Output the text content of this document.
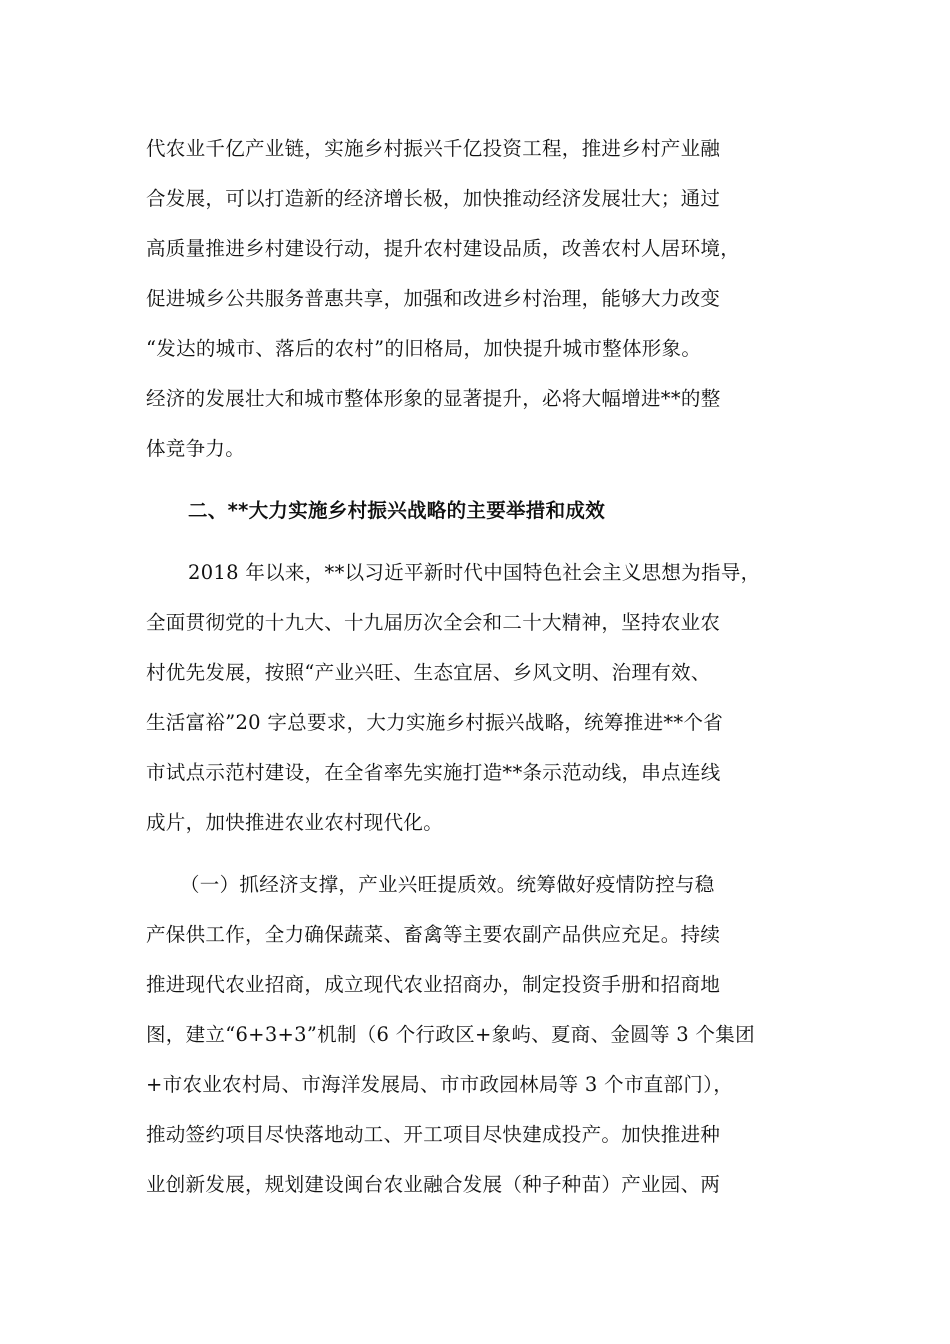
代农业千亿产业链，实施乡村振兴千亿投资工程，推进乡村产业融
合发展，可以打造新的经济增长极，加快推动经济发展壮大；通过
高质量推进乡村建设行动，提升农村建设品质，改善农村人居环境，
促进城乡公共服务普惠共享，加强和改进乡村治理，能够大力改变
“发达的城市、落后的农村”的旧格局，加快提升城市整体形象。
经济的发展壮大和城市整体形象的显著提升，必将大幅增进**的整
体竞争力。
二、**大力实施乡村振兴战略的主要举措和成效
2018 年以来，**以习近平新时代中国特色社会主义思想为指导，
全面贯彻党的十九大、十九届历次全会和二十大精神，坚持农业农
村优先发展，按照“产业兴旺、生态宜居、乡风文明、治理有效、
生活富裕”20 字总要求，大力实施乡村振兴战略，统筹推进**个省
市试点示范村建设，在全省率先实施打造**条示范动线，串点连线
成片，加快推进农业农村现代化。
（一）抓经济支撑，产业兴旺提质效。统筹做好疫情防控与稳
产保供工作，全力确保蔬菜、畜禽等主要农副产品供应充足。持续
推进现代农业招商，成立现代农业招商办，制定投资手册和招商地
图，建立“6+3+3”机制（6 个行政区+象屿、夏商、金圆等 3 个集团
+市农业农村局、市海洋发展局、市市政园林局等 3 个市直部门），
推动签约项目尽快落地动工、开工项目尽快建成投产。加快推进种
业创新发展，规划建设闽台农业融合发展（种子种苗）产业园、两
